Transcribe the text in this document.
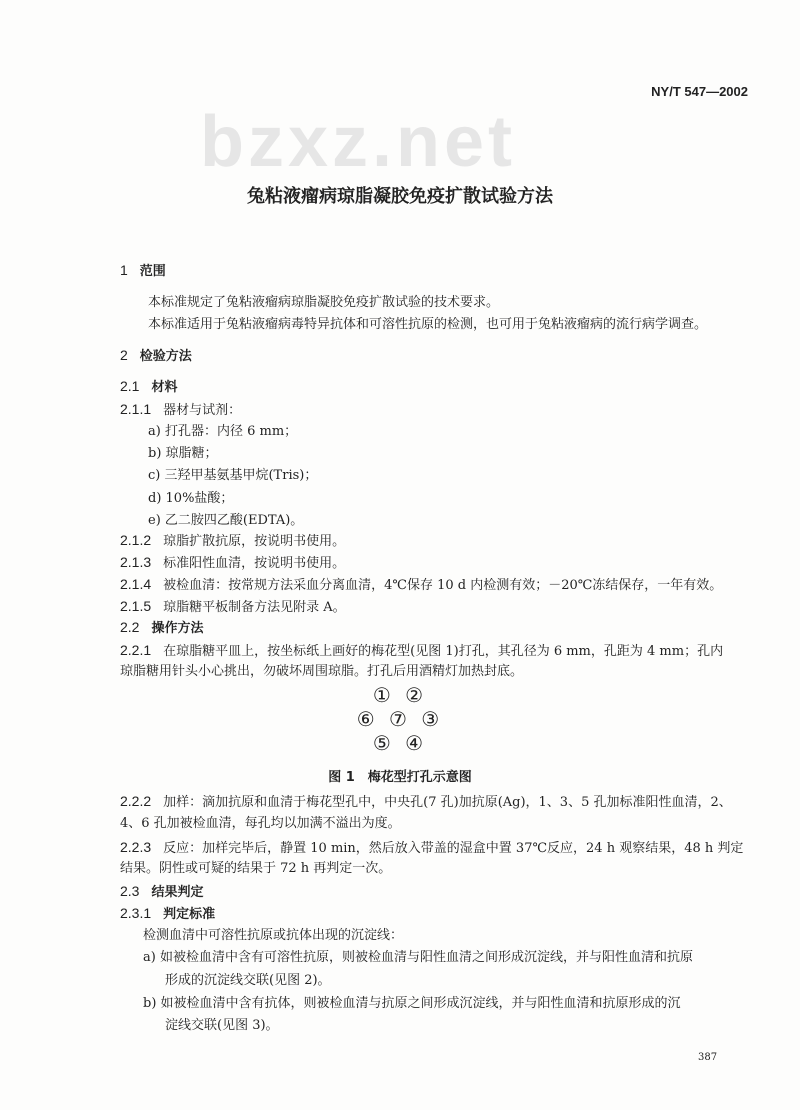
bzxz.net
NY/T 547—2002
兔粘液瘤病琼脂凝胶免疫扩散试验方法
1 范围
本标准规定了兔粘液瘤病琼脂凝胶免疫扩散试验的技术要求。
本标准适用于兔粘液瘤病毒特异抗体和可溶性抗原的检测，也可用于兔粘液瘤病的流行病学调查。
2 检验方法
2.1 材料
2.1.1 器材与试剂：
a) 打孔器：内径 6 mm；
b) 琼脂糖；
c) 三羟甲基氨基甲烷(Tris)；
d) 10%盐酸；
e) 乙二胺四乙酸(EDTA)。
2.1.2 琼脂扩散抗原，按说明书使用。
2.1.3 标准阳性血清，按说明书使用。
2.1.4 被检血清：按常规方法采血分离血清，4℃保存 10 d 内检测有效；－20℃冻结保存，一年有效。
2.1.5 琼脂糖平板制备方法见附录 A。
2.2 操作方法
2.2.1 在琼脂糖平皿上，按坐标纸上画好的梅花型(见图 1)打孔，其孔径为 6 mm，孔距为 4 mm；孔内
琼脂糖用针头小心挑出，勿破坏周围琼脂。打孔后用酒精灯加热封底。
2.2.2 加样：滴加抗原和血清于梅花型孔中，中央孔(7 孔)加抗原(Ag)，1、3、5 孔加标准阳性血清，2、
4、6 孔加被检血清，每孔均以加满不溢出为度。
2.2.3 反应：加样完毕后，静置 10 min，然后放入带盖的湿盒中置 37℃反应，24 h 观察结果，48 h 判定
结果。阴性或可疑的结果于 72 h 再判定一次。
2.3 结果判定
2.3.1 判定标准
检测血清中可溶性抗原或抗体出现的沉淀线：
a) 如被检血清中含有可溶性抗原，则被检血清与阳性血清之间形成沉淀线，并与阳性血清和抗原
形成的沉淀线交联(见图 2)。
b) 如被检血清中含有抗体，则被检血清与抗原之间形成沉淀线，并与阳性血清和抗原形成的沉
淀线交联(见图 3)。
① ②
⑥ ⑦ ③
⑤ ④
图 1　梅花型打孔示意图
387
